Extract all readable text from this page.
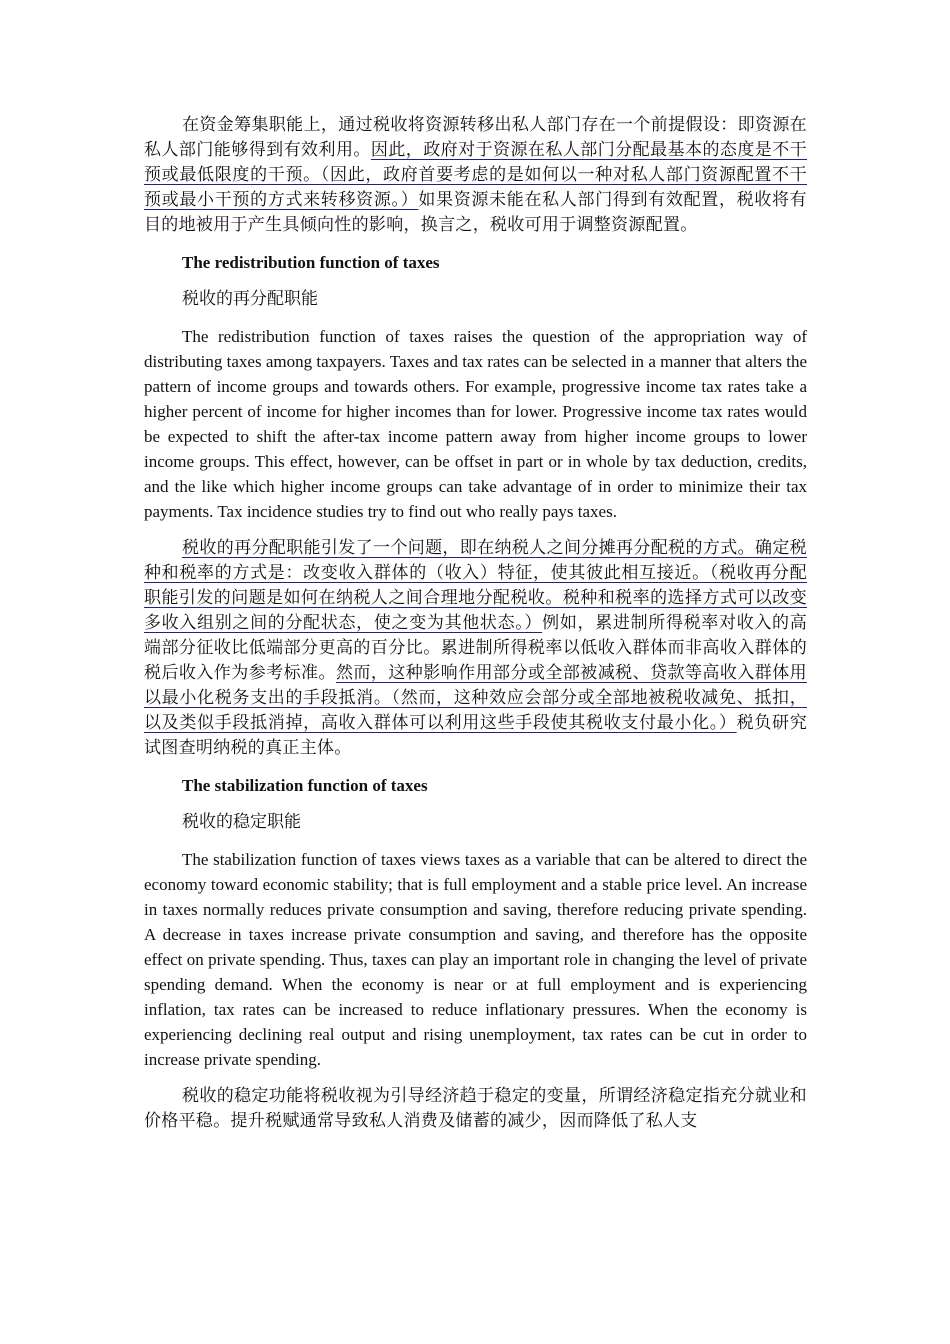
在资金筹集职能上，通过税收将资源转移出私人部门存在一个前提假设：即资源在私人部门能够得到有效利用。因此，政府对于资源在私人部门分配最基本的态度是不干预或最低限度的干预。（因此，政府首要考虑的是如何以一种对私人部门资源配置不干预或最小干预的方式来转移资源。）如果资源未能在私人部门得到有效配置，税收将有目的地被用于产生具倾向性的影响，换言之，税收可用于调整资源配置。

The redistribution function of taxes

税收的再分配职能

The redistribution function of taxes raises the question of the appropriation way of distributing taxes among taxpayers. Taxes and tax rates can be selected in a manner that alters the pattern of income groups and towards others. For example, progressive income tax rates take a higher percent of income for higher incomes than for lower. Progressive income tax rates would be expected to shift the after-tax income pattern away from higher income groups to lower income groups. This effect, however, can be offset in part or in whole by tax deduction, credits, and the like which higher income groups can take advantage of in order to minimize their tax payments. Tax incidence studies try to find out who really pays taxes.

税收的再分配职能引发了一个问题，即在纳税人之间分摊再分配税的方式。确定税种和税率的方式是：改变收入群体的（收入）特征，使其彼此相互接近。（税收再分配职能引发的问题是如何在纳税人之间合理地分配税收。税种和税率的选择方式可以改变多收入组别之间的分配状态，使之变为其他状态。）例如，累进制所得税率对收入的高端部分征收比低端部分更高的百分比。累进制所得税率以低收入群体而非高收入群体的税后收入作为参考标准。然而，这种影响作用部分或全部被减税、贷款等高收入群体用以最小化税务支出的手段抵消。（然而，这种效应会部分或全部地被税收减免、抵扣，以及类似手段抵消掉，高收入群体可以利用这些手段使其税收支付最小化。）税负研究试图查明纳税的真正主体。

The stabilization function of taxes

税收的稳定职能

The stabilization function of taxes views taxes as a variable that can be altered to direct the economy toward economic stability; that is full employment and a stable price level. An increase in taxes normally reduces private consumption and saving, therefore reducing private spending. A decrease in taxes increase private consumption and saving, and therefore has the opposite effect on private spending. Thus, taxes can play an important role in changing the level of private spending demand. When the economy is near or at full employment and is experiencing inflation, tax rates can be increased to reduce inflationary pressures. When the economy is experiencing declining real output and rising unemployment, tax rates can be cut in order to increase private spending.

税收的稳定功能将税收视为引导经济趋于稳定的变量，所谓经济稳定指充分就业和价格平稳。提升税赋通常导致私人消费及储蓄的减少，因而降低了私人支
